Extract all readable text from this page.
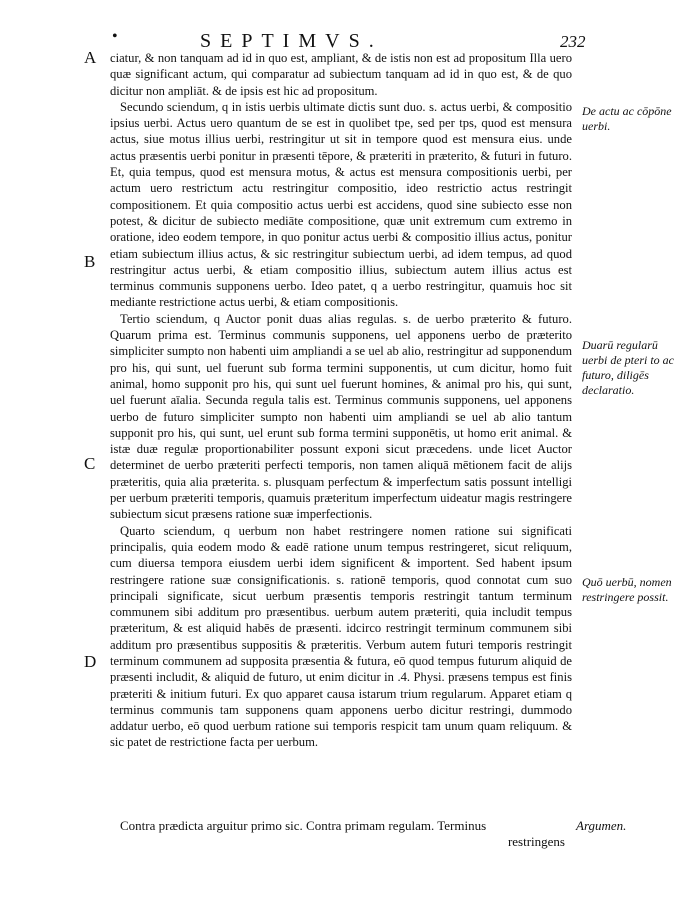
•	SEPTIMVS.	232
A
B
C
D

ciatur, & non tanquam ad id in quo est, ampliant, & de istis non est ad propositum Illa uero quæ significant actum, qui comparatur ad subiectum tanquam ad id in quo est, & de quo dicitur non ampliāt. & de ipsis est hic ad propositum.

Secundo sciendum, q in istis uerbis ultimate dictis sunt duo. s. actus uerbi, & compositio ipsius uerbi. Actus uero quantum de se est in quolibet tpe, sed per tps, quod est mensura actus, siue motus illius uerbi, restringitur ut sit in tempore quod est mensura eius. unde actus præsentis uerbi ponitur in præsenti tēpore, & præteriti in præterito, & futuri in futuro. Et, quia tempus, quod est mensura motus, & actus est mensura compositionis uerbi, per actum uero restrictum actu restringitur compositio, ideo restrictio actus restringit compositionem. Et quia compositio actus uerbi est accidens, quod sine subiecto esse non potest, & dicitur de subiecto mediāte compositione, quæ unit extremum cum extremo in oratione, ideo eodem tempore, in quo ponitur actus uerbi & compositio illius actus, ponitur etiam subiectum illius actus, & sic restringitur subiectum uerbi, ad idem tempus, ad quod restringitur actus uerbi, & etiam compositio illius, subiectum autem illius actus est terminus communis supponens uerbo. Ideo patet, q a uerbo restringitur, quamuis hoc sit mediante restrictione actus uerbi, & etiam compositionis.

Tertio sciendum, q Auctor ponit duas alias regulas. s. de uerbo præterito & futuro. Quarum prima est. Terminus communis supponens, uel apponens uerbo de præterito simpliciter sumpto non habenti uim ampliandi a se uel ab alio, restringitur ad supponendum pro his, qui sunt, uel fuerunt sub forma termini supponentis, ut cum dicitur, homo fuit animal, homo supponit pro his, qui sunt uel fuerunt homines, & animal pro his, qui sunt, uel fuerunt aīalia. Secunda regula talis est. Terminus communis supponens, uel apponens uerbo de futuro simpliciter sumpto non habenti uim ampliandi se uel ab alio tantum supponit pro his, qui sunt, uel erunt sub forma termini supponētis, ut homo erit animal. & istæ duæ regulæ proportionabiliter possunt exponi sicut præcedens. unde licet Auctor determinet de uerbo præteriti perfecti temporis, non tamen aliquā mētionem facit de alijs præteritis, quia alia præterita. s. plusquam perfectum & imperfectum satis possunt intelligi per uerbum præteriti temporis, quamuis præteritum imperfectum uideatur magis restringere subiectum sicut præsens ratione suæ imperfectionis.

Quarto sciendum, q uerbum non habet restringere nomen ratione sui significati principalis, quia eodem modo & eadē ratione unum tempus restringeret, sicut reliquum, cum diuersa tempora eiusdem uerbi idem significent & importent. Sed habent ipsum restringere ratione suæ consignificationis. s. rationē temporis, quod connotat cum suo principali significate, sicut uerbum præsentis temporis restringit tantum terminum communem sibi additum pro præsentibus. uerbum autem præteriti, quia includit tempus præteritum, & est aliquid habēs de præsenti. idcirco restringit terminum communem sibi additum pro præsentibus suppositis & præteritis. Verbum autem futuri temporis restringit terminum communem ad supposita præsentia & futura, eō quod tempus futurum aliquid de præsenti includit, & aliquid de futuro, ut enim dicitur in .4. Physi. præsens tempus est finis præteriti & initium futuri. Ex quo apparet causa istarum trium regularum. Apparet etiam q terminus communis tam supponens quam apponens uerbo dicitur restringi, dummodo addatur uerbo, eō quod uerbum ratione sui temporis respicit tam unum quam reliquum. & sic patet de restrictione facta per uerbum.

De actu ac cōpōne uerbi.
Duarū regularū uerbi de pteri to ac futuro, diligēs declaratio.
Quō uerbū, nomen restringere possit.
Argumen.
Contra prædicta arguitur primo sic. Contra primam regulam. Terminus
restringens
